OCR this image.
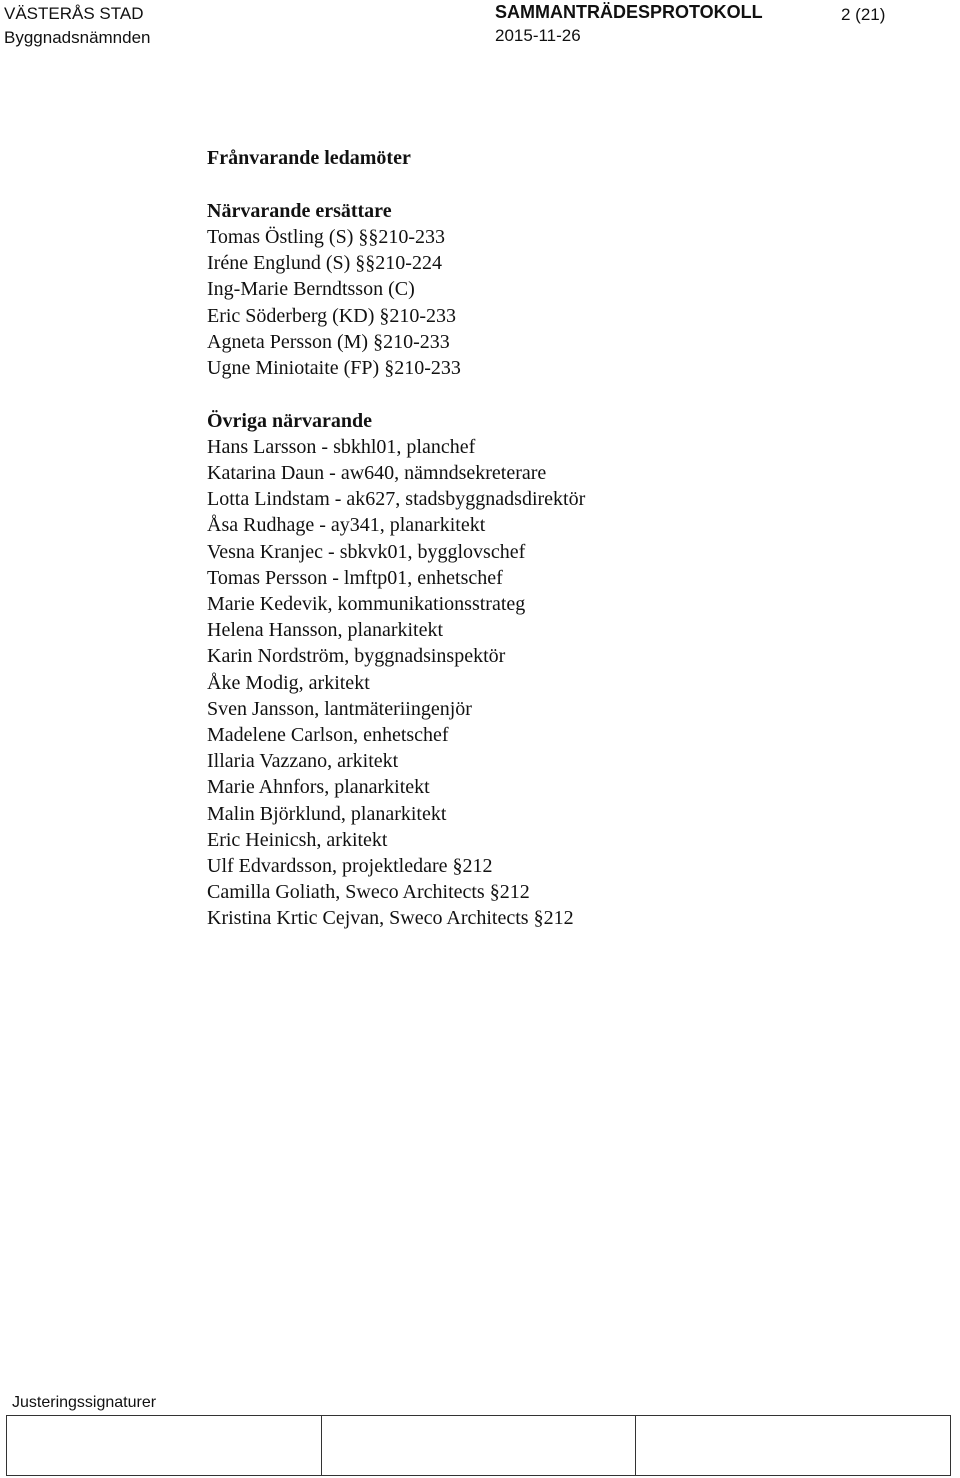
VÄSTERÅS STAD
Byggnadsnämnden
SAMMANTRÄDESPROTOKOLL
2015-11-26
2 (21)
Frånvarande ledamöter
Närvarande ersättare
Tomas Östling (S) §§210-233
Iréne Englund (S) §§210-224
Ing-Marie Berndtsson (C)
Eric Söderberg (KD) §210-233
Agneta Persson (M) §210-233
Ugne Miniotaite (FP) §210-233
Övriga närvarande
Hans Larsson - sbkhl01, planchef
Katarina Daun - aw640, nämndsekreterare
Lotta Lindstam - ak627, stadsbyggnadsdirektör
Åsa Rudhage - ay341, planarkitekt
Vesna Kranjec - sbkvk01, bygglovschef
Tomas Persson - lmftp01, enhetschef
Marie Kedevik, kommunikationsstrateg
Helena Hansson, planarkitekt
Karin Nordström, byggnadsinspektör
Åke Modig, arkitekt
Sven Jansson, lantmäteriingenjör
Madelene Carlson, enhetschef
Illaria Vazzano, arkitekt
Marie Ahnfors, planarkitekt
Malin Björklund, planarkitekt
Eric Heinicsh, arkitekt
Ulf Edvardsson, projektledare §212
Camilla Goliath, Sweco Architects §212
Kristina Krtic Cejvan, Sweco Architects §212
Justeringssignaturer
